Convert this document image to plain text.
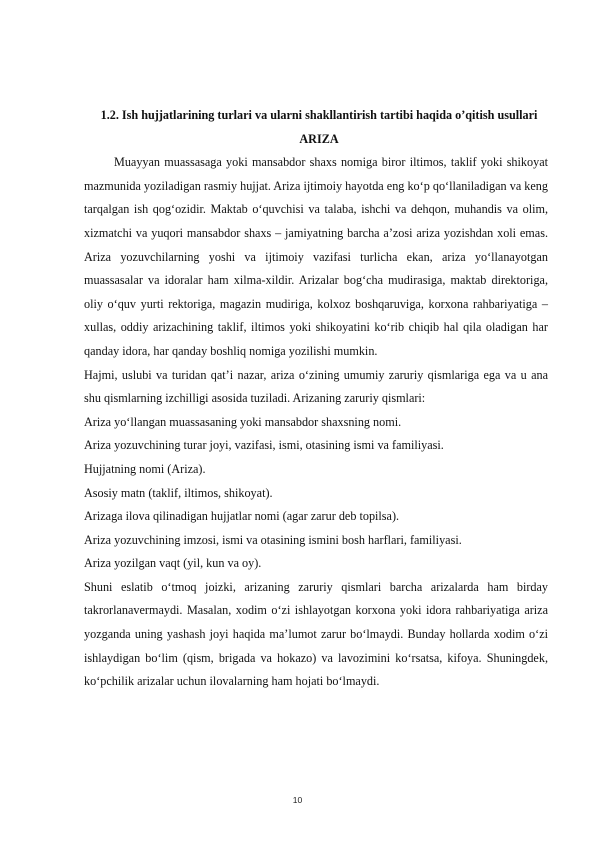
1.2. Ish hujjatlarining turlari va ularni shakllantirish tartibi haqida o’qitish usullari

ARIZA

Muayyan muassasaga yoki mansabdor shaxs nomiga biror iltimos, taklif yoki shikoyat mazmunida yoziladigan rasmiy hujjat. Ariza ijtimoiy hayotda eng ko‘p qo‘llaniladigan va keng tarqalgan ish qog‘ozidir. Maktab o‘quvchisi va talaba, ishchi va dehqon, muhandis va olim, xizmatchi va yuqori mansabdor shaxs – jamiyatning barcha a’zosi ariza yozishdan xoli emas. Ariza yozuvchilarning yoshi va ijtimoiy vazifasi turlicha ekan, ariza yo‘llanayotgan muassasalar va idoralar ham xilma-xildir. Arizalar bog‘cha mudirasiga, maktab direktoriga, oliy o‘quv yurti rektoriga, magazin mudiriga, kolxoz boshqaruviga, korxona rahbariyatiga – xullas, oddiy arizachining taklif, iltimos yoki shikoyatini ko‘rib chiqib hal qila oladigan har qanday idora, har qanday boshliq nomiga yozilishi mumkin.

Hajmi, uslubi va turidan qat’i nazar, ariza o‘zining umumiy zaruriy qismlariga ega va u ana shu qismlarning izchilligi asosida tuziladi. Arizaning zaruriy qismlari:

Ariza yo‘llangan muassasaning yoki mansabdor shaxsning nomi.

Ariza yozuvchining turar joyi, vazifasi, ismi, otasining ismi va familiyasi.

Hujjatning nomi (Ariza).

Asosiy matn (taklif, iltimos, shikoyat).

Arizaga ilova qilinadigan hujjatlar nomi (agar zarur deb topilsa).

Ariza yozuvchining imzosi, ismi va otasining ismini bosh harflari, familiyasi.

Ariza yozilgan vaqt (yil, kun va oy).

Shuni eslatib o‘tmoq joizki, arizaning zaruriy qismlari barcha arizalarda ham birday takrorlanavermaydi. Masalan, xodim o‘zi ishlayotgan korxona yoki idora rahbariyatiga ariza yozganda uning yashash joyi haqida ma’lumot zarur bo‘lmaydi. Bunday hollarda xodim o‘zi ishlaydigan bo‘lim (qism, brigada va hokazo) va lavozimini ko‘rsatsa, kifoya. Shuningdek, ko‘pchilik arizalar uchun ilovalarning ham hojati bo‘lmaydi.

10
